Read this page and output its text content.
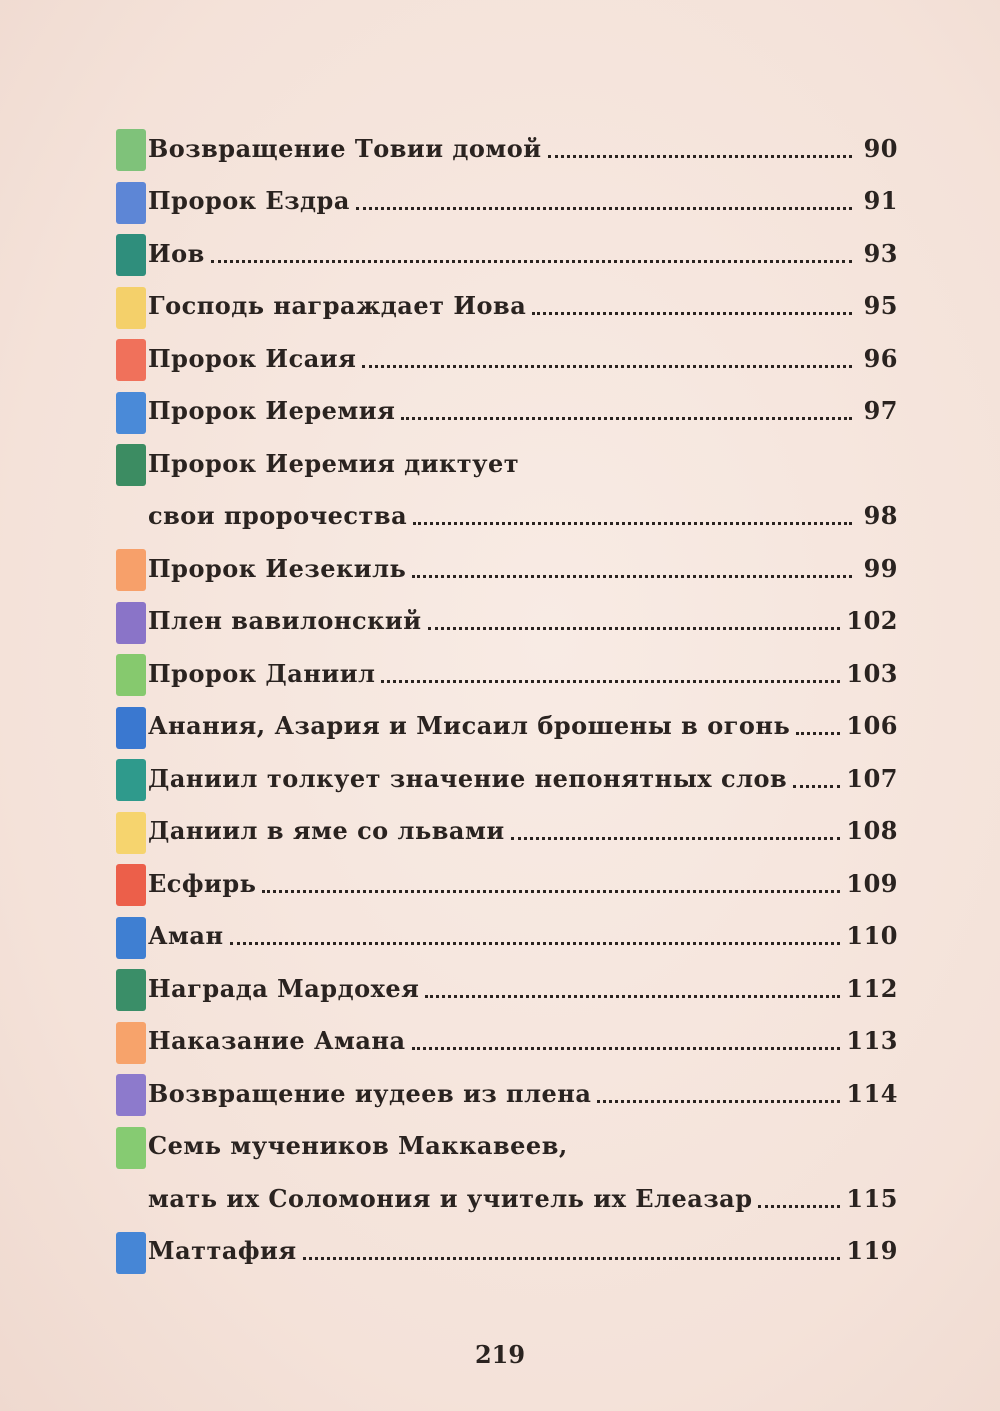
Возвращение Товии домой	90
Пророк Ездра	91
Иов	93
Господь награждает Иова	95
Пророк Исаия	96
Пророк Иеремия	97
Пророк Иеремия диктует
свои пророчества	98
Пророк Иезекиль	99
Плен вавилонский	102
Пророк Даниил	103
Анания, Азария и Мисаил брошены в огонь 106
Даниил толкует значение непонятных слов 107
Даниил в яме со львами	108
Есфирь	109
Аман	110
Награда Мардохея	112
Наказание Амана	113
Возвращение иудеев из плена	114
Семь мучеников Маккавеев,
мать их Соломония и учитель их Елеазар	115
Маттафия	119
219
